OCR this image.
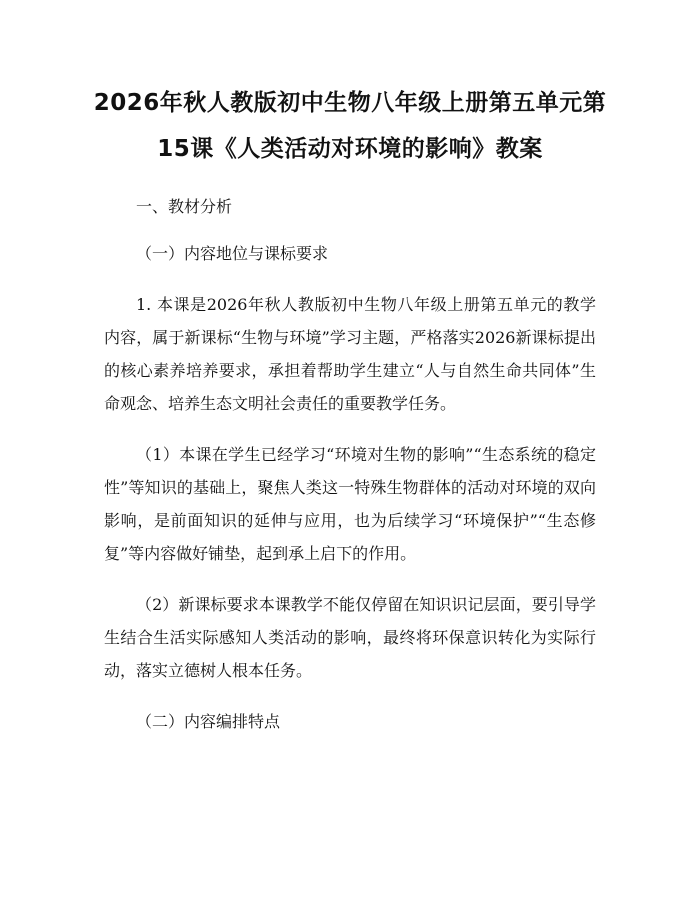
2026年秋人教版初中生物八年级上册第五单元第15课《人类活动对环境的影响》教案

一、教材分析

（一）内容地位与课标要求

1. 本课是2026年秋人教版初中生物八年级上册第五单元的教学内容，属于新课标“生物与环境”学习主题，严格落实2026新课标提出的核心素养培养要求，承担着帮助学生建立“人与自然生命共同体”生命观念、培养生态文明社会责任的重要教学任务。

（1）本课在学生已经学习“环境对生物的影响”“生态系统的稳定性”等知识的基础上，聚焦人类这一特殊生物群体的活动对环境的双向影响，是前面知识的延伸与应用，也为后续学习“环境保护”“生态修复”等内容做好铺垫，起到承上启下的作用。

（2）新课标要求本课教学不能仅停留在知识识记层面，要引导学生结合生活实际感知人类活动的影响，最终将环保意识转化为实际行动，落实立德树人根本任务。

（二）内容编排特点
